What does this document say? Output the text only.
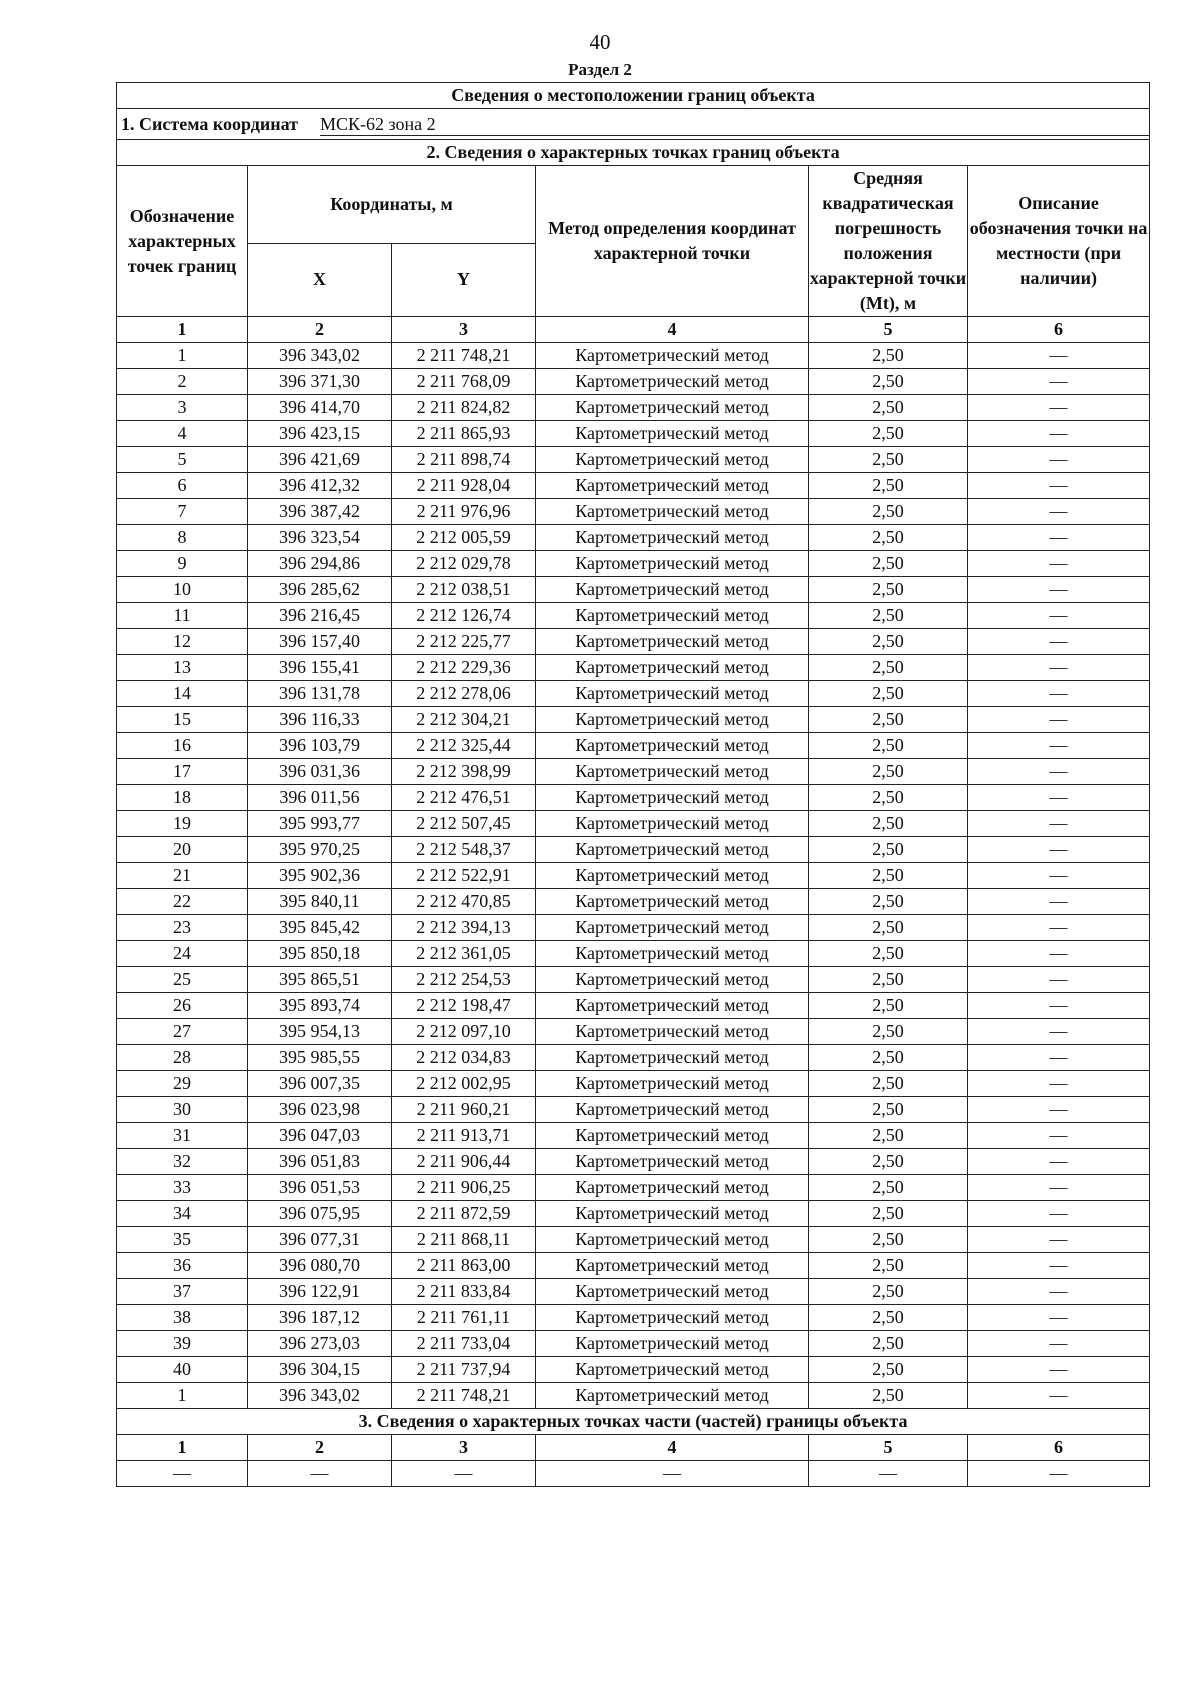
40
Раздел 2
Сведения о местоположении границ объекта					

1. Система координат МСК-62 зона 2					

2. Сведения о характерных точках границ объекта					
Обозначение характерных точек границ	Координаты, м		Метод определения координат характерной точки	Средняя квадратическая погрешность положения характерной точки (Mt), м	Описание обозначения точки на местности (при наличии)
	X	Y			
1	2	3	4	5	6
1	396 343,02	2 211 748,21	Картометрический метод	2,50	—
2	396 371,30	2 211 768,09	Картометрический метод	2,50	—
3	396 414,70	2 211 824,82	Картометрический метод	2,50	—
4	396 423,15	2 211 865,93	Картометрический метод	2,50	—
5	396 421,69	2 211 898,74	Картометрический метод	2,50	—
6	396 412,32	2 211 928,04	Картометрический метод	2,50	—
7	396 387,42	2 211 976,96	Картометрический метод	2,50	—
8	396 323,54	2 212 005,59	Картометрический метод	2,50	—
9	396 294,86	2 212 029,78	Картометрический метод	2,50	—
10	396 285,62	2 212 038,51	Картометрический метод	2,50	—
11	396 216,45	2 212 126,74	Картометрический метод	2,50	—
12	396 157,40	2 212 225,77	Картометрический метод	2,50	—
13	396 155,41	2 212 229,36	Картометрический метод	2,50	—
14	396 131,78	2 212 278,06	Картометрический метод	2,50	—
15	396 116,33	2 212 304,21	Картометрический метод	2,50	—
16	396 103,79	2 212 325,44	Картометрический метод	2,50	—
17	396 031,36	2 212 398,99	Картометрический метод	2,50	—
18	396 011,56	2 212 476,51	Картометрический метод	2,50	—
19	395 993,77	2 212 507,45	Картометрический метод	2,50	—
20	395 970,25	2 212 548,37	Картометрический метод	2,50	—
21	395 902,36	2 212 522,91	Картометрический метод	2,50	—
22	395 840,11	2 212 470,85	Картометрический метод	2,50	—
23	395 845,42	2 212 394,13	Картометрический метод	2,50	—
24	395 850,18	2 212 361,05	Картометрический метод	2,50	—
25	395 865,51	2 212 254,53	Картометрический метод	2,50	—
26	395 893,74	2 212 198,47	Картометрический метод	2,50	—
27	395 954,13	2 212 097,10	Картометрический метод	2,50	—
28	395 985,55	2 212 034,83	Картометрический метод	2,50	—
29	396 007,35	2 212 002,95	Картометрический метод	2,50	—
30	396 023,98	2 211 960,21	Картометрический метод	2,50	—
31	396 047,03	2 211 913,71	Картометрический метод	2,50	—
32	396 051,83	2 211 906,44	Картометрический метод	2,50	—
33	396 051,53	2 211 906,25	Картометрический метод	2,50	—
34	396 075,95	2 211 872,59	Картометрический метод	2,50	—
35	396 077,31	2 211 868,11	Картометрический метод	2,50	—
36	396 080,70	2 211 863,00	Картометрический метод	2,50	—
37	396 122,91	2 211 833,84	Картометрический метод	2,50	—
38	396 187,12	2 211 761,11	Картометрический метод	2,50	—
39	396 273,03	2 211 733,04	Картометрический метод	2,50	—
40	396 304,15	2 211 737,94	Картометрический метод	2,50	—
1	396 343,02	2 211 748,21	Картометрический метод	2,50	—
3. Сведения о характерных точках части (частей) границы объекта					
1	2	3	4	5	6
—	—	—	—	—	—
